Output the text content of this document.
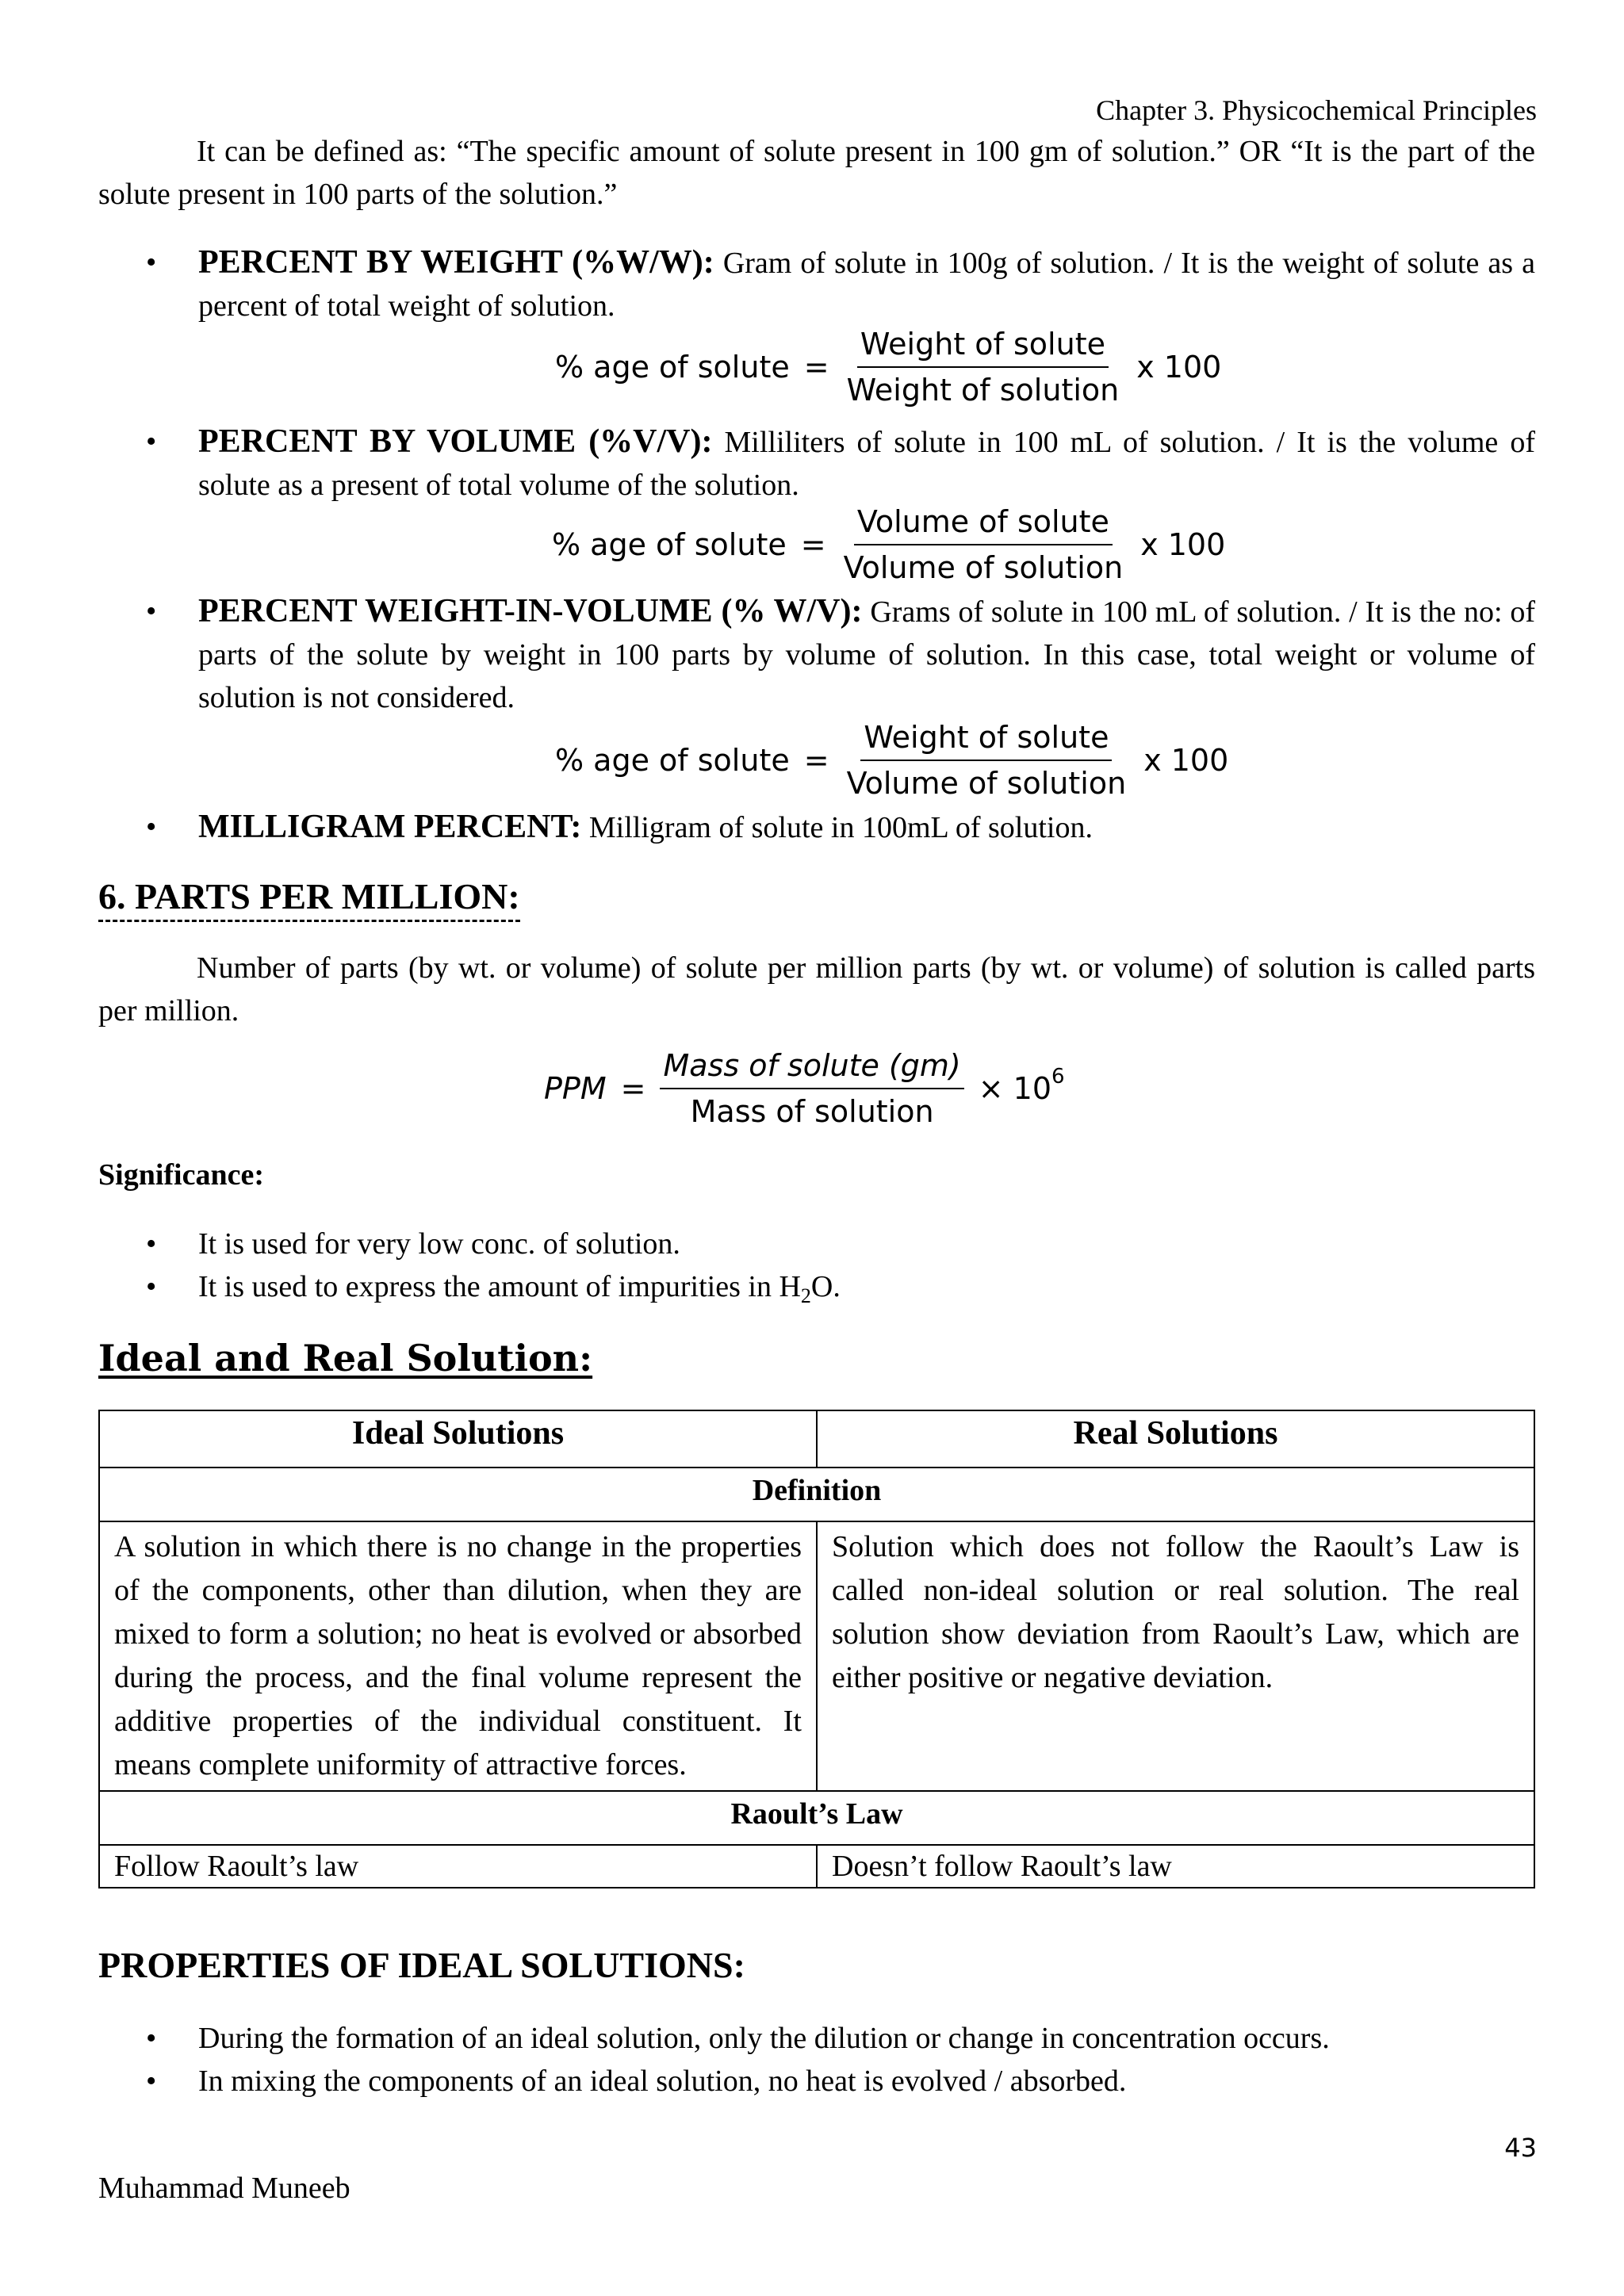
Chapter 3. Physicochemical Principles
It can be defined as: “The specific amount of solute present in 100 gm of solution.” OR “It is the part of the solute present in 100 parts of the solution.”
• PERCENT BY WEIGHT (%W/W): Gram of solute in 100g of solution. / It is the weight of solute as a percent of total weight of solution.
% age of solute = $\frac{\text{Weight of solute}}{\text{Weight of solution}}$ x 100
• PERCENT BY VOLUME (%V/V): Milliliters of solute in 100 mL of solution. / It is the volume of solute as a present of total volume of the solution.
% age of solute = $\frac{\text{Volume of solute}}{\text{Volume of solution}}$ x 100
• PERCENT WEIGHT-IN-VOLUME (% W/V): Grams of solute in 100 mL of solution. / It is the no: of parts of the solute by weight in 100 parts by volume of solution. In this case, total weight or volume of solution is not considered.
% age of solute = $\frac{\text{Weight of solute}}{\text{Volume of solution}}$ x 100
• MILLIGRAM PERCENT: Milligram of solute in 100mL of solution.
6. PARTS PER MILLION:
Number of parts (by wt. or volume) of solute per million parts (by wt. or volume) of solution is called parts per million.
PPM = $\frac{\text{Mass of solute (gm)}}{\text{Mass of solution}} \times 10^6$
Significance:
• It is used for very low conc. of solution.
• It is used to express the amount of impurities in $H_2O$.
Ideal and Real Solution:
Ideal Solutions	Real Solutions
Definition	
A solution in which there is no change in the properties of the components, other than dilution, when they are mixed to form a solution; no heat is evolved or absorbed during the process, and the final volume represent the additive properties of the individual constituent. It means complete uniformity of attractive forces.	Solution which does not follow the Raoult’s Law is called non-ideal solution or real solution. The real solution show deviation from Raoult’s Law, which are either positive or negative deviation.
Raoult’s Law	
Follow Raoult’s law	Doesn’t follow Raoult’s law
PROPERTIES OF IDEAL SOLUTIONS:
• During the formation of an ideal solution, only the dilution or change in concentration occurs.
• In mixing the components of an ideal solution, no heat is evolved / absorbed.
43
Muhammad Muneeb
